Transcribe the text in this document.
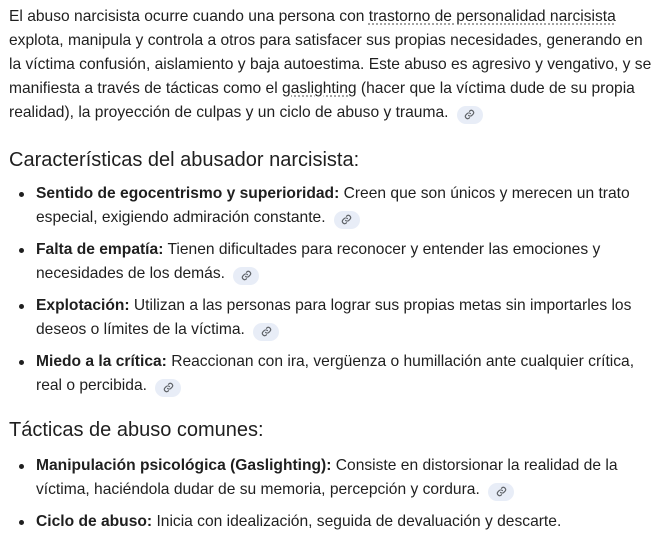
El abuso narcisista ocurre cuando una persona con trastorno de personalidad narcisista explota, manipula y controla a otros para satisfacer sus propias necesidades, generando en la víctima confusión, aislamiento y baja autoestima. Este abuso es agresivo y vengativo, y se manifiesta a través de tácticas como el gaslighting (hacer que la víctima dude de su propia realidad), la proyección de culpas y un ciclo de abuso y trauma.

Características del abusador narcisista:
Sentido de egocentrismo y superioridad: Creen que son únicos y merecen un trato especial, exigiendo admiración constante.
Falta de empatía: Tienen dificultades para reconocer y entender las emociones y necesidades de los demás.
Explotación: Utilizan a las personas para lograr sus propias metas sin importarles los deseos o límites de la víctima.
Miedo a la crítica: Reaccionan con ira, vergüenza o humillación ante cualquier crítica, real o percibida.
Tácticas de abuso comunes:
Manipulación psicológica (Gaslighting): Consiste en distorsionar la realidad de la víctima, haciéndola dudar de su memoria, percepción y cordura.
Ciclo de abuso: Inicia con idealización, seguida de devaluación y descarte.
